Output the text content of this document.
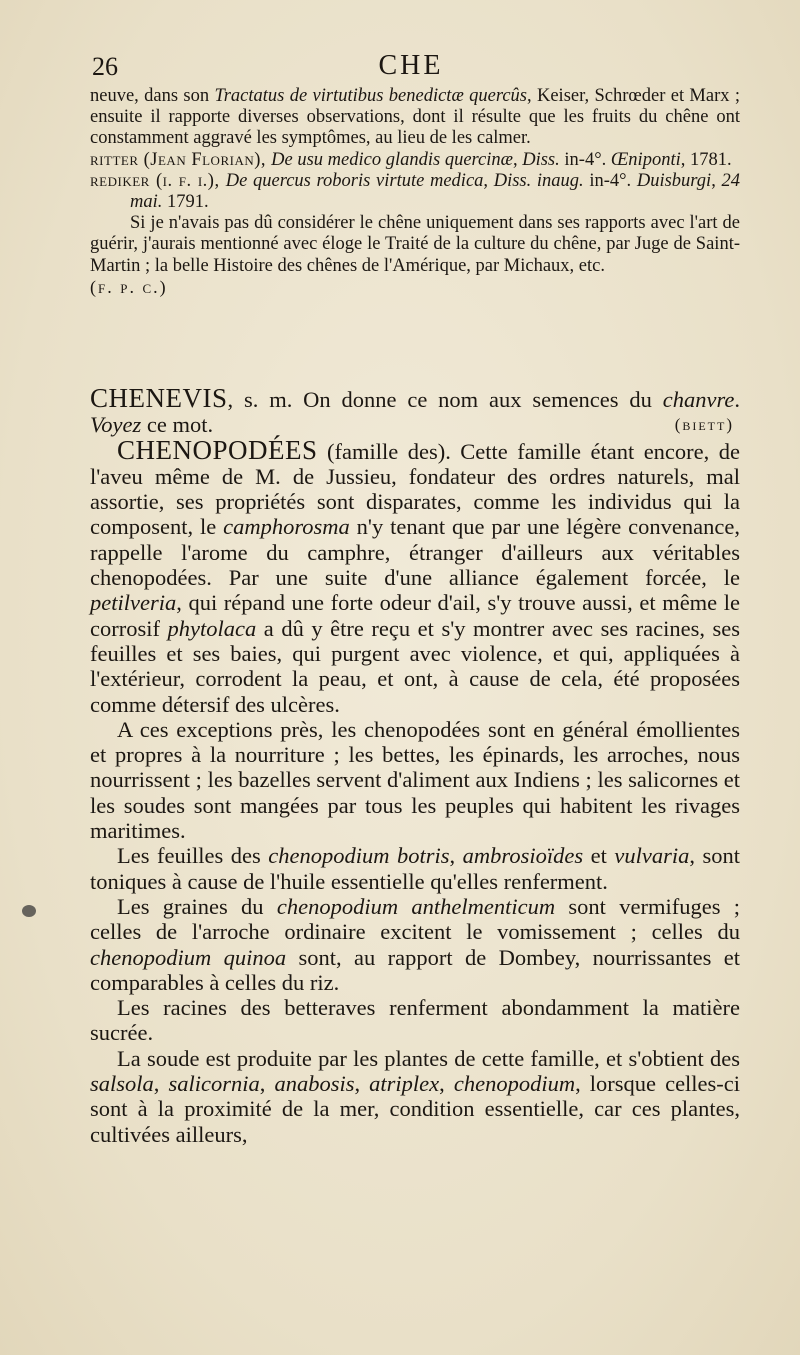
26	CHE

neuve, dans son Tractatus de virtutibus benedictæ quercûs, Keiser, Schrœder et Marx ; ensuite il rapporte diverses observations, dont il résulte que les fruits du chêne ont constamment aggravé les symptômes, au lieu de les calmer.

ritter (Jean Florian), De usu medico glandis quercinæ, Diss. in-4°. Œniponti, 1781.

rediker (i. f. i.), De quercus roboris virtute medica, Diss. inaug. in-4°. Duisburgi, 24 mai. 1791.

Si je n'avais pas dû considérer le chêne uniquement dans ses rapports avec l'art de guérir, j'aurais mentionné avec éloge le Traité de la culture du chêne, par Juge de Saint-Martin ; la belle Histoire des chênes de l'Amérique, par Michaux, etc.

(f. p. c.)

CHENEVIS, s. m. On donne ce nom aux semences du chanvre. Voyez ce mot.	(biett)

CHENOPODÉES (famille des). Cette famille étant encore, de l'aveu même de M. de Jussieu, fondateur des ordres naturels, mal assortie, ses propriétés sont disparates, comme les individus qui la composent, le camphorosma n'y tenant que par une légère convenance, rappelle l'arome du camphre, étranger d'ailleurs aux véritables chenopodées. Par une suite d'une alliance également forcée, le petilveria, qui répand une forte odeur d'ail, s'y trouve aussi, et même le corrosif phytolaca a dû y être reçu et s'y montrer avec ses racines, ses feuilles et ses baies, qui purgent avec violence, et qui, appliquées à l'extérieur, corrodent la peau, et ont, à cause de cela, été proposées comme détersif des ulcères.

A ces exceptions près, les chenopodées sont en général émollientes et propres à la nourriture ; les bettes, les épinards, les arroches, nous nourrissent ; les bazelles servent d'aliment aux Indiens ; les salicornes et les soudes sont mangées par tous les peuples qui habitent les rivages maritimes.

Les feuilles des chenopodium botris, ambrosioïdes et vulvaria, sont toniques à cause de l'huile essentielle qu'elles renferment.

Les graines du chenopodium anthelmenticum sont vermifuges ; celles de l'arroche ordinaire excitent le vomissement ; celles du chenopodium quinoa sont, au rapport de Dombey, nourrissantes et comparables à celles du riz.

Les racines des betteraves renferment abondamment la matière sucrée.

La soude est produite par les plantes de cette famille, et s'obtient des salsola, salicornia, anabosis, atriplex, chenopodium, lorsque celles-ci sont à la proximité de la mer, condition essentielle, car ces plantes, cultivées ailleurs,
